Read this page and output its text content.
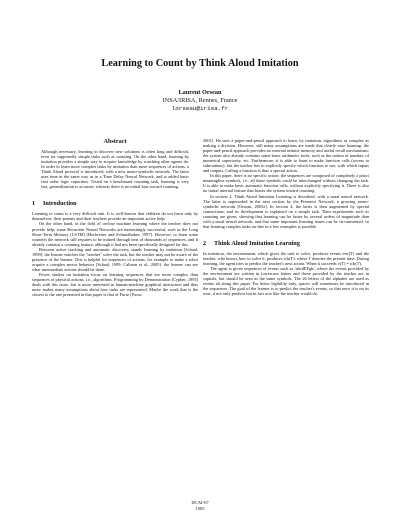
Learning to Count by Think Aloud Imitation
Laurent Orseau
INSA/IRISA, Rennes, France
lorseau@irisa.fr
Abstract

Although necessary, learning to discover new solutions is often long and difficult, even for supposedly simple tasks such as counting. On the other hand, learning by imitation provides a simple way to acquire knowledge by watching other agents do. In order to learn more complex tasks by imitation than mere sequences of actions, a Think Aloud protocol is introduced, with a new neuro-symbolic network. The latter uses time in the same way as in a Time Delay Neural Network, and is added basic first order logic capacities. Tested on a benchmark counting task, learning is very fast, generalization is accurate, whereas there is no initial bias toward counting.

1 Introduction

Learning to count is a very difficult task. It is well-known that children do not learn only by themselves: their parents and their teachers provide an important active help.

On the other hand, in the field of on-line machine learning where the teacher does not provide help, some Recurrent Neural Networks are interestingly successful, such as the Long Short-Term Memory (LSTM) [Hochreiter and Schmidhuber, 1997]. However, to learn some counters the network still requires to be trained through tens of thousands of sequences, and it already contains a counting feature, although it had not been specifically designed for this.

Between active teaching and automatic discovery stands learning by imitation [Schaal, 1999]: the learner watches the "teacher" solve the task, but the teacher may not be aware of the presence of the learner. This is helpful for sequences of actions, for example to make a robot acquire a complex motor behavior [Schaal, 1999; Calinon et al., 2005]: the learner can see what intermediate actions should be done.

Fewer studies on imitation focus on learning sequences that are more complex than sequences of physical actions, i.e., algorithms. Programming by Demonstration [Cypher, 1993] deals with this issue, but is more interested in human-machine graphical interaction and thus more makes many assumptions about how tasks are represented. Maybe the work that is the closest to the one presented in this paper is that of Furse [Furse,

2001]. He uses a paper-and-pencil approach to learn, by imitation, algorithms as complex as making a division. However, still many assumptions are made that clearly ease learning: the paper-and-pencil approach provides an external infinite memory and useful recall mechanisms; the system also already contains some basic arithmetic tools, such as the notion of number, of numerical superiority, etc. Furthermore, it is able to learn to make function calls (access to subroutines), but the teacher has to explicitly specify which function to use, with which inputs and outputs. Calling a function is thus a special action.

In this paper, there is no specific action: the sequences are composed of completely a priori meaningless symbols, i.e., all these symbols could be interchanged without changing the task. It is able to make basic automatic function calls, without explicitly specifying it. There is also no initial internal feature that biases the system toward counting.

In section 2, Think Aloud Imitation Learning is described, with a usual neural network. The latter is superseded in the next section by the Presence Network, a growing neuro-symbolic network [Orseau, 2005a]. In section 4, the latter is then augmented by special connections, and its development is explained on a simple task. Then experiments such as counting are given, showing that learning can be faster by several orders of magnitude than with a usual neural network, and that some important learning issues can be circumvented, so that learning complex tasks on-line in a few examples is possible.

2 Think Aloud Imitation Learning

In imitation, the environment, which gives the task to solve, produces events env(T) and the teacher, who knows how to solve it, produces tch(T), where T denotes the present time. During learning, the agent tries to predict the teacher's next action. When it succeeds v(T) = tch(T).

The agent is given sequences of events such as /abcdEFgh/, where the events provided by the environment are written in lowercase letters and those provided by the teacher are in capitals, but should be seen as the same symbols. The 26 letters of the alphabet are used as events all along this paper. For better legibility only, spaces will sometimes be introduced in the sequences. The goal of the learner is to predict the teacher's events, so that once it is on its own, it not only predicts but in fact acts like the teacher would do.

IJCAI-07
1005
